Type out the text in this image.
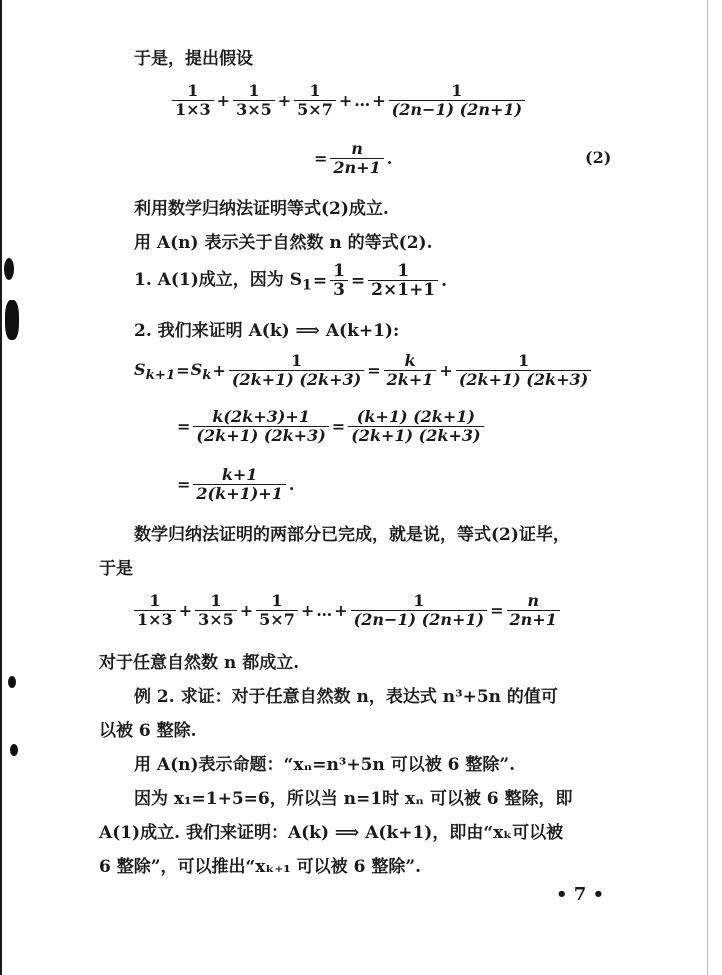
于是，提出假设
$\frac{1}{1\times 3} + \frac{1}{3\times 5} + \frac{1}{5\times 7}$ + … + $\frac{1}{(2n-1) (2n+1)}$
= $\frac{n}{2n+1}$ .	(2)
利用数学归纳法证明等式(2)成立.
用 A(n) 表示关于自然数 n 的等式(2).
1. A(1)成立，因为 $S_1= \frac{1}{3} = \frac{1}{2\times 1+1}$ .
2. 我们来证明 A(k) ⟹ A(k+1):
$S_{k+1}=S_k+ \frac{1}{(2k+1) (2k+3)} = \frac{k}{2k+1} + \frac{1}{(2k+1) (2k+3)}$
= $\frac{k(2k+3)+1}{(2k+1) (2k+3)} = \frac{(k+1) (2k+1)}{(2k+1) (2k+3)}$
= $\frac{k+1}{2(k+1)+1}$ .
数学归纳法证明的两部分已完成，就是说，等式(2)证毕，
于是
$\frac{1}{1\times 3} + \frac{1}{3\times 5} + \frac{1}{5\times 7}$ + … + $\frac{1}{(2n-1) (2n+1)} = \frac{n}{2n+1}$
对于任意自然数 n 都成立.
例 2. 求证：对于任意自然数 n，表达式 n³+5n 的值可
以被 6 整除.
用 A(n)表示命题：“xₙ=n³+5n 可以被 6 整除”.
因为 x₁=1+5=6，所以当 n=1时 xₙ 可以被 6 整除，即
A(1)成立. 我们来证明：A(k) ⟹ A(k+1)，即由“xₖ可以被
6 整除”，可以推出“xₖ₊₁ 可以被 6 整除”.
• 7 •
